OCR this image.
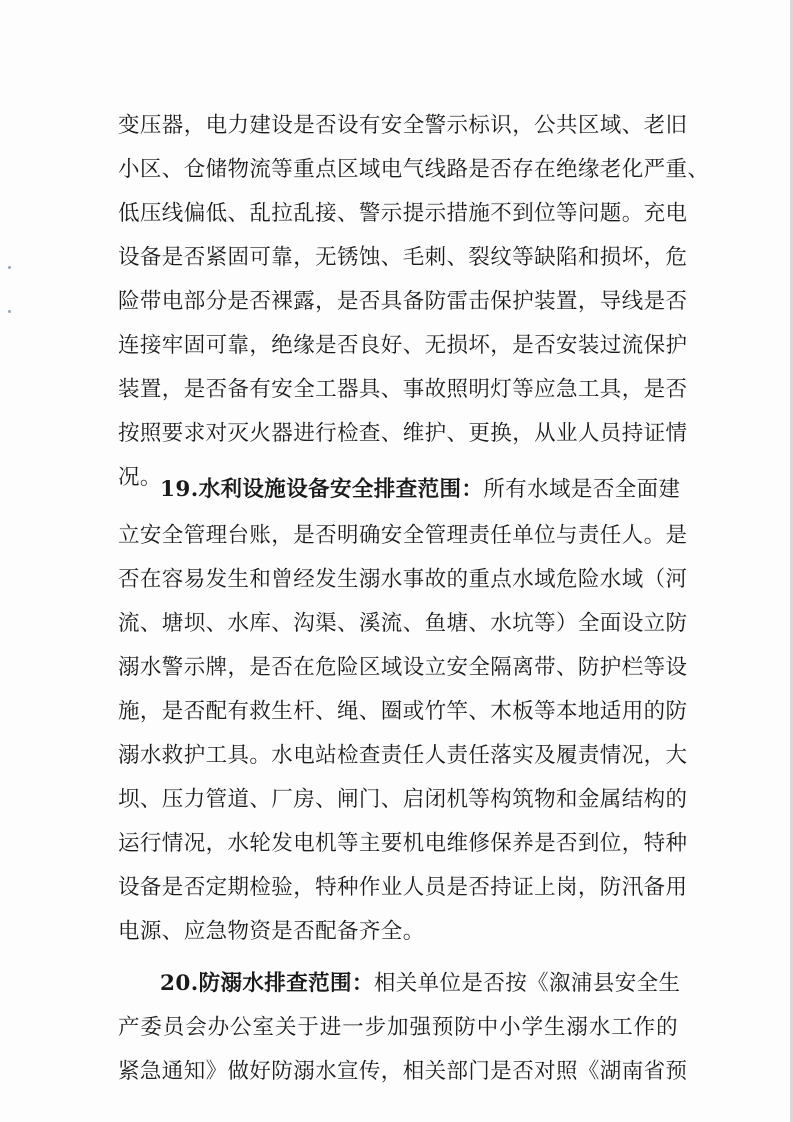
变压器，电力建设是否设有安全警示标识，公共区域、老旧
小区、仓储物流等重点区域电气线路是否存在绝缘老化严重、
低压线偏低、乱拉乱接、警示提示措施不到位等问题。充电
设备是否紧固可靠，无锈蚀、毛刺、裂纹等缺陷和损坏，危
险带电部分是否裸露，是否具备防雷击保护装置，导线是否
连接牢固可靠，绝缘是否良好、无损坏，是否安装过流保护
装置，是否备有安全工器具、事故照明灯等应急工具，是否
按照要求对灭火器进行检查、维护、更换，从业人员持证情
况。
19.水利设施设备安全排查范围：所有水域是否全面建
立安全管理台账，是否明确安全管理责任单位与责任人。是
否在容易发生和曾经发生溺水事故的重点水域危险水域（河
流、塘坝、水库、沟渠、溪流、鱼塘、水坑等）全面设立防
溺水警示牌，是否在危险区域设立安全隔离带、防护栏等设
施，是否配有救生杆、绳、圈或竹竿、木板等本地适用的防
溺水救护工具。水电站检查责任人责任落实及履责情况，大
坝、压力管道、厂房、闸门、启闭机等构筑物和金属结构的
运行情况，水轮发电机等主要机电维修保养是否到位，特种
设备是否定期检验，特种作业人员是否持证上岗，防汛备用
电源、应急物资是否配备齐全。
20.防溺水排查范围：相关单位是否按《溆浦县安全生
产委员会办公室关于进一步加强预防中小学生溺水工作的
紧急通知》做好防溺水宣传，相关部门是否对照《湖南省预
